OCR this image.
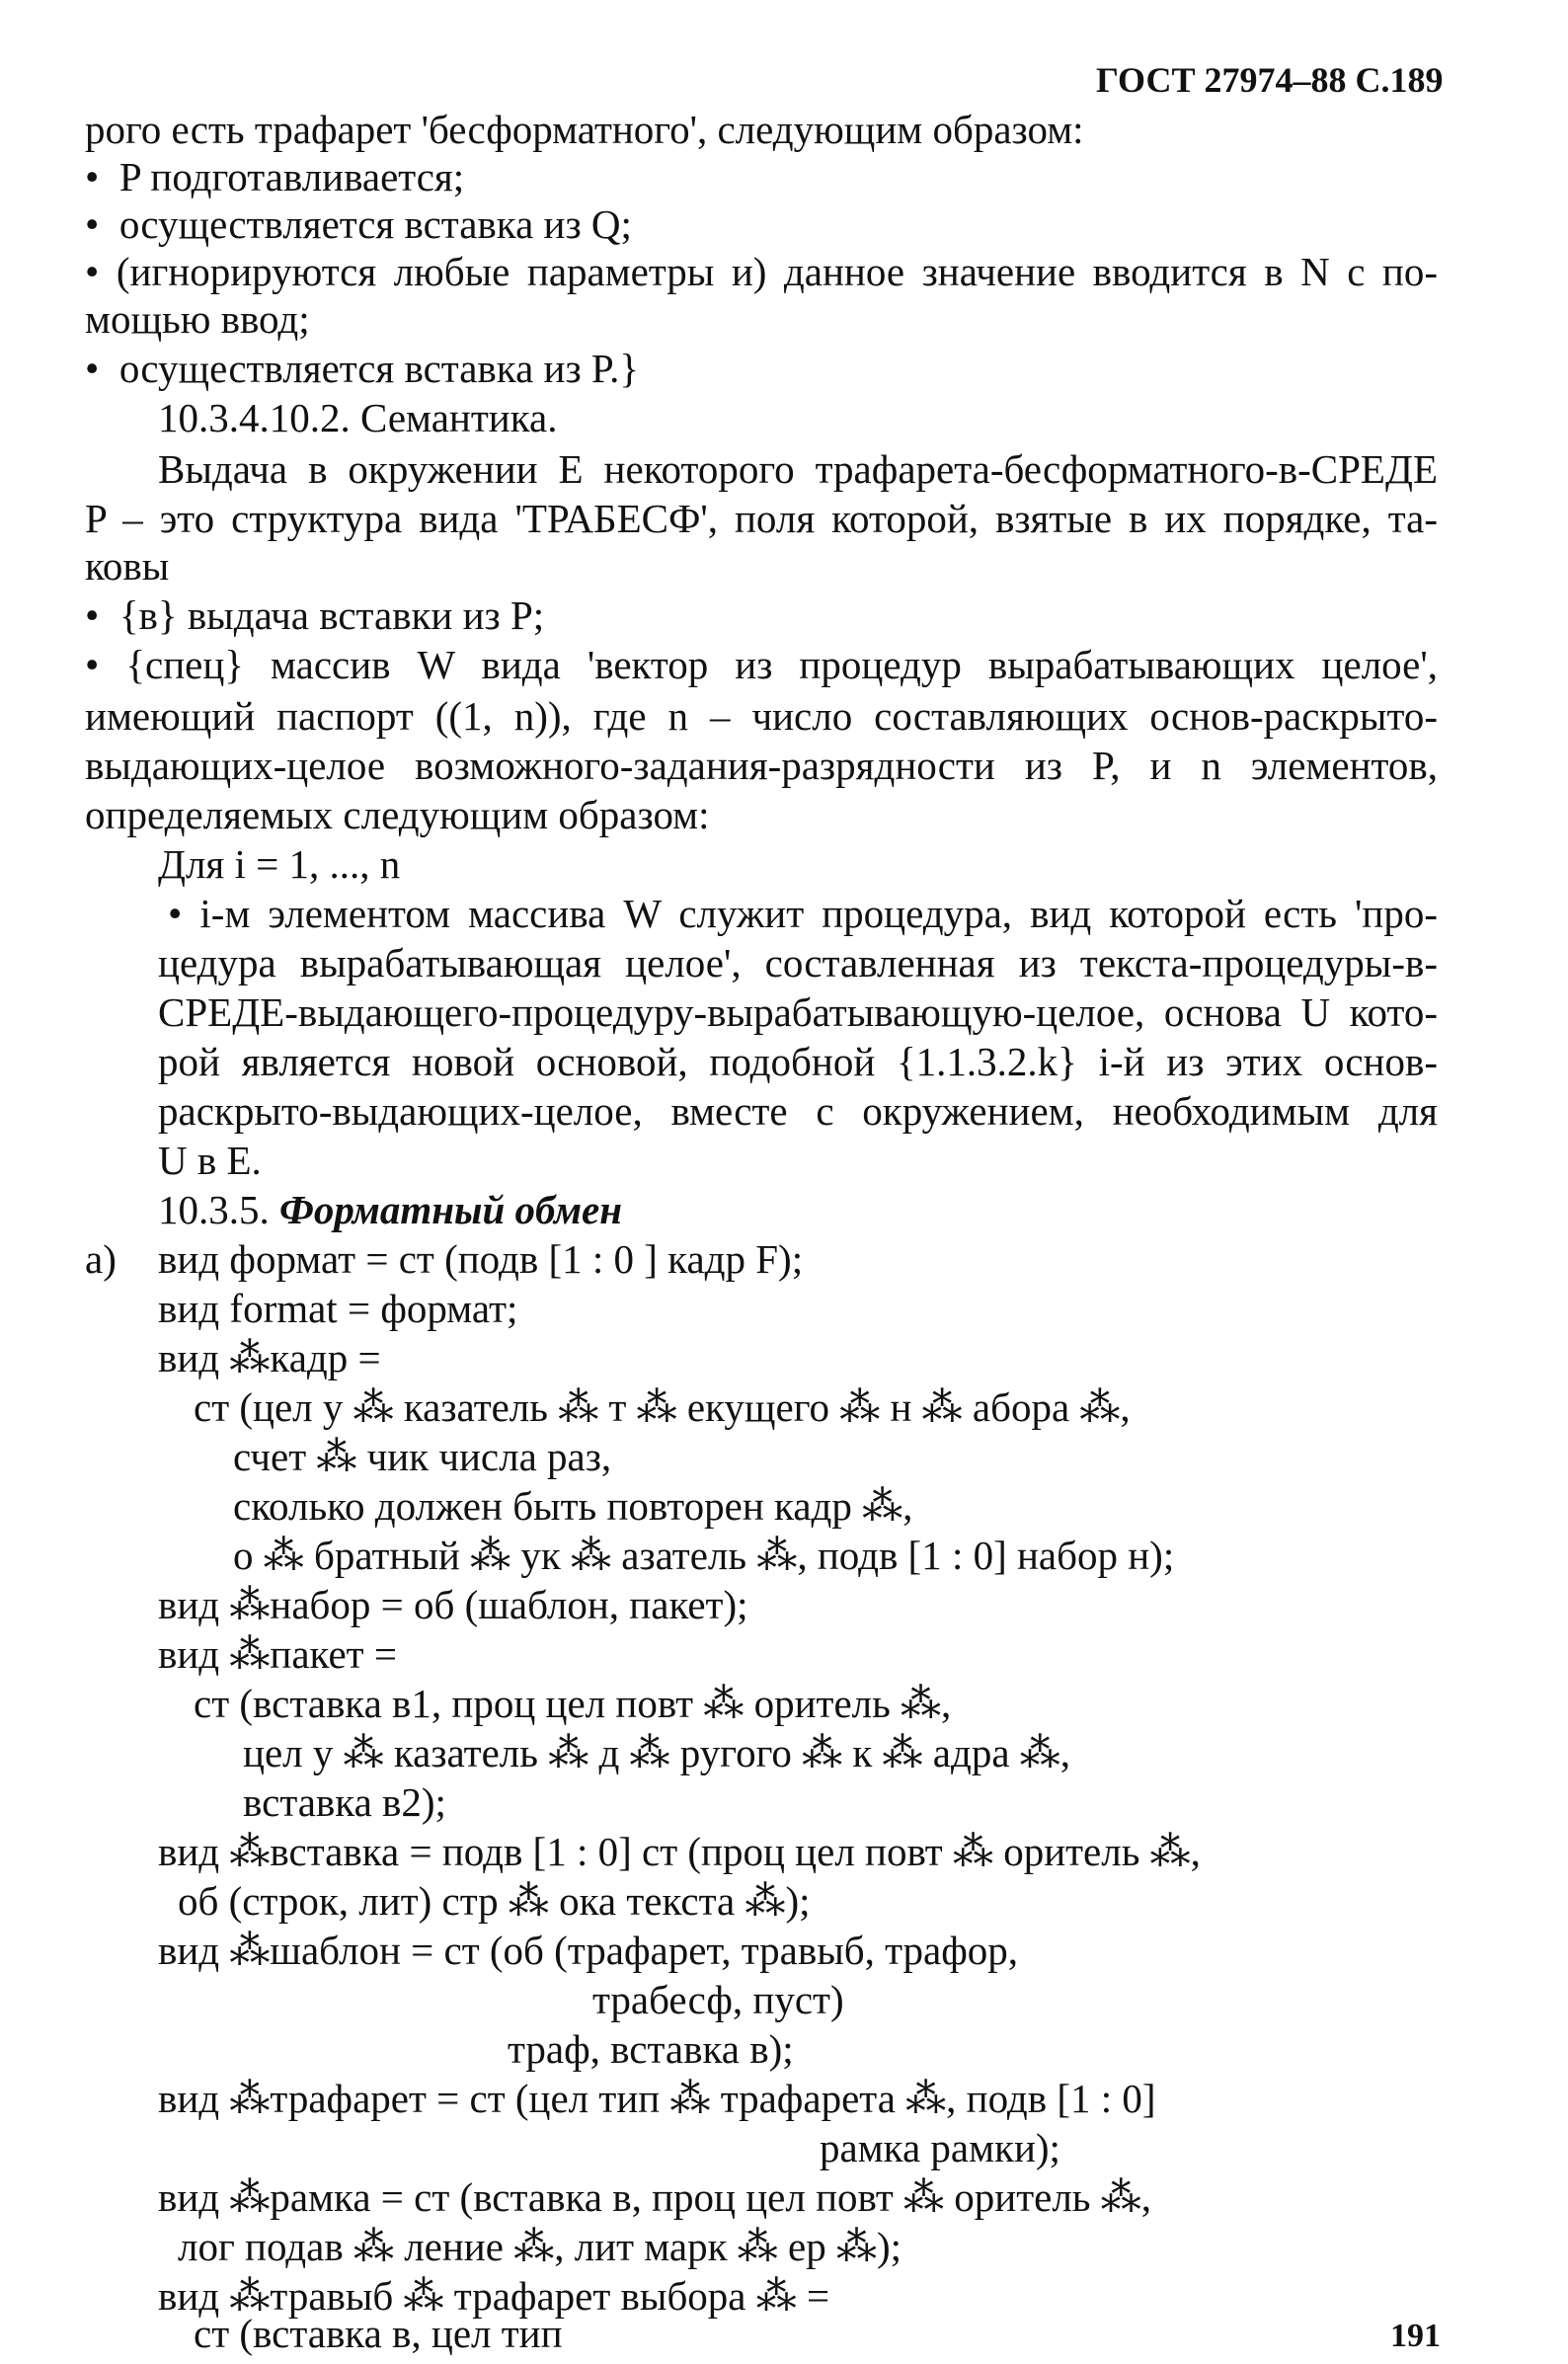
ГОСТ 27974–88 С.189
рого есть трафарет 'бесформатного', следующим образом:
•  P подготавливается;
•  осуществляется вставка из Q;
• (игнорируются любые параметры и) данное значение вводится в N с по-
мощью ввод;
•  осуществляется вставка из P.}
10.3.4.10.2. Семантика.
Выдача в окружении E некоторого трафарета-бесформатного-в-СРЕДЕ
P – это структура вида 'ТРАБЕСФ', поля которой, взятые в их порядке, та-
ковы
•  {в} выдача вставки из P;
• {спец} массив W вида 'вектор из процедур вырабатывающих целое',
имеющий паспорт ((1, n)), где n – число составляющих основ-раскрыто-
выдающих-целое возможного-задания-разрядности из P, и n элементов,
определяемых следующим образом:
Для i = 1, ..., n
• i-м элементом массива W служит процедура, вид которой есть 'про-
цедура вырабатывающая целое', составленная из текста-процедуры-в-
СРЕДЕ-выдающего-процедуру-вырабатывающую-целое, основа U кото-
рой является новой основой, подобной {1.1.3.2.k} i-й из этих основ-
раскрыто-выдающих-целое, вместе с окружением, необходимым для
U в E.
10.3.5. Форматный обмен
a) вид формат = ст (подв [1 : 0 ] кадр F);
вид format = формат;
вид ⁂кадр =
ст (цел у ⁂ казатель ⁂ т ⁂ екущего ⁂ н ⁂ абора ⁂,
счет ⁂ чик числа раз,
сколько должен быть повторен кадр ⁂,
о ⁂ братный ⁂ ук ⁂ азатель ⁂, подв [1 : 0] набор н);
вид ⁂набор = об (шаблон, пакет);
вид ⁂пакет =
ст (вставка в1, проц цел повт ⁂ оритель ⁂,
цел у ⁂ казатель ⁂ д ⁂ ругого ⁂ к ⁂ адра ⁂,
вставка в2);
вид ⁂вставка = подв [1 : 0] ст (проц цел повт ⁂ оритель ⁂,
об (строк, лит) стр ⁂ ока текста ⁂);
вид ⁂шаблон = ст (об (трафарет, травыб, трафор,
трабесф, пуст)
траф, вставка в);
вид ⁂трафарет = ст (цел тип ⁂ трафарета ⁂, подв [1 : 0]
рамка рамки);
вид ⁂рамка = ст (вставка в, проц цел повт ⁂ оритель ⁂,
лог подав ⁂ ление ⁂, лит марк ⁂ ер ⁂);
вид ⁂травыб ⁂ трафарет выбора ⁂ =
ст (вставка в, цел тип	191
